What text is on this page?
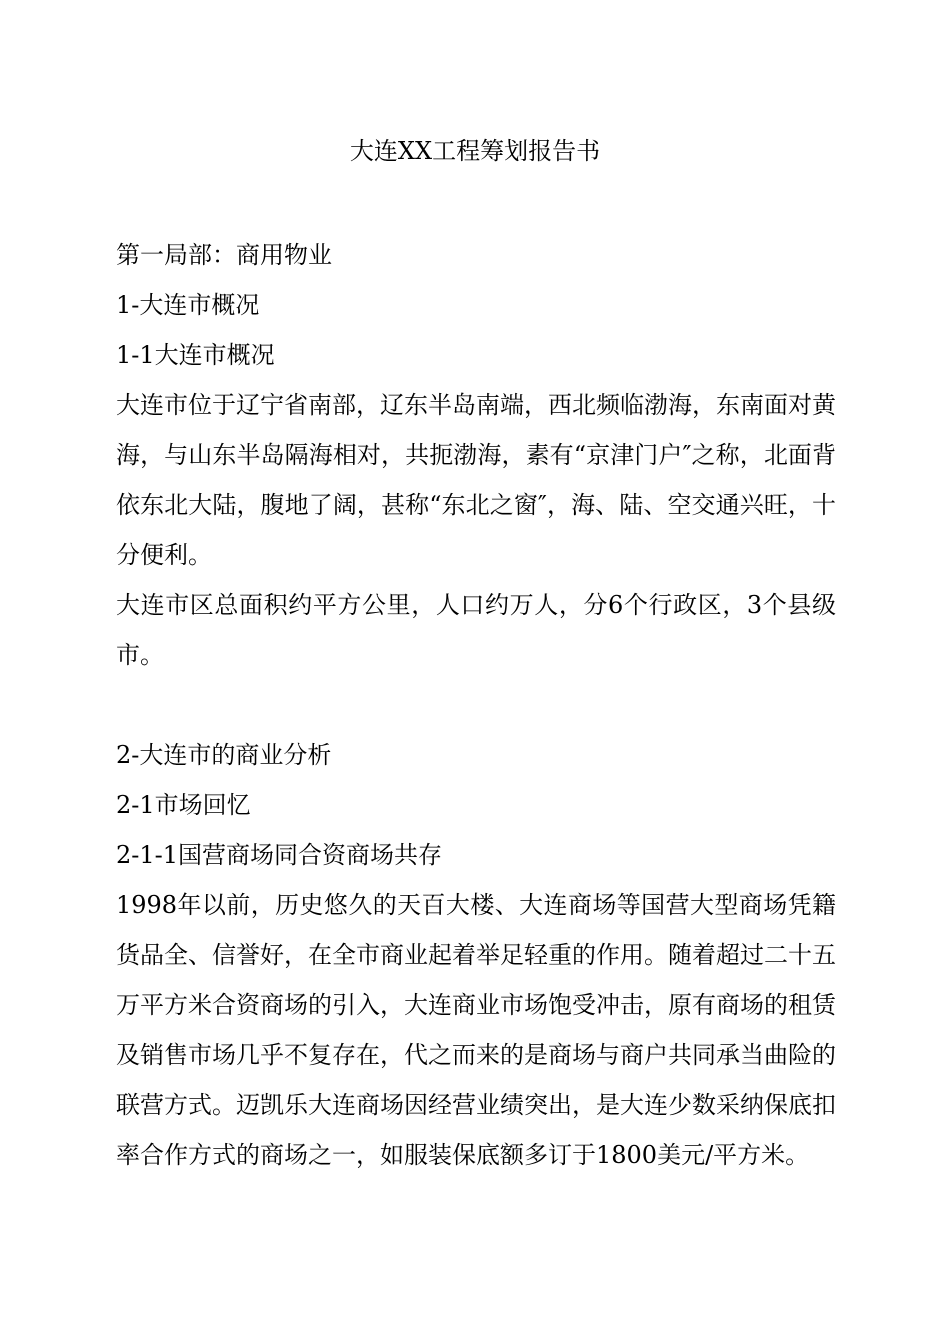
大连XX工程筹划报告书

第一局部：商用物业

1-大连市概况

1-1大连市概况

大连市位于辽宁省南部，辽东半岛南端，西北频临渤海，东南面对黄海，与山东半岛隔海相对，共扼渤海，素有“京津门户″之称，北面背依东北大陆，腹地了阔，甚称“东北之窗″，海、陆、空交通兴旺，十分便利。

大连市区总面积约平方公里，人口约万人，分6个行政区，3个县级市。

2-大连市的商业分析

2-1市场回忆

2-1-1国营商场同合资商场共存

1998年以前，历史悠久的天百大楼、大连商场等国营大型商场凭籍货品全、信誉好，在全市商业起着举足轻重的作用。随着超过二十五万平方米合资商场的引入，大连商业市场饱受冲击，原有商场的租赁及销售市场几乎不复存在，代之而来的是商场与商户共同承当曲险的联营方式。迈凯乐大连商场因经营业绩突出，是大连少数采纳保底扣率合作方式的商场之一，如服装保底额多订于1800美元/平方米。
